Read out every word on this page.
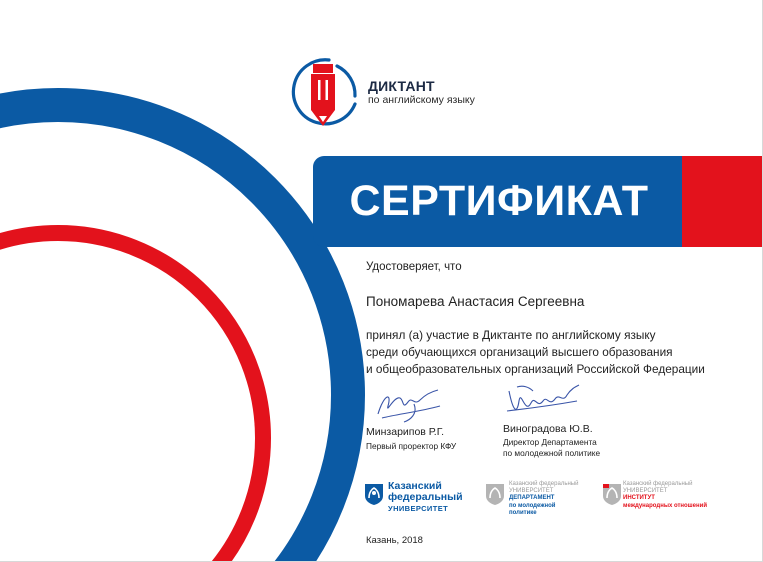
ДИКТАНТ
по английскому языку
СЕРТИФИКАТ
Удостоверяет, что
Пономарева Анастасия Сергеевна
принял (а) участие в Диктанте по английскому языку
среди обучающихся организаций высшего образования
и общеобразовательных организаций Российской Федерации
Минзарипов Р.Г.
Первый проректор КФУ
Виноградова Ю.В.
Директор Департамента
по молодежной политике
Казанский
федеральный
УНИВЕРСИТЕТ
Казанский федеральный
УНИВЕРСИТЕТ
ДЕПАРТАМЕНТ
по молодежной
политике
Казанский федеральный
УНИВЕРСИТЕТ
ИНСТИТУТ
международных отношений
Казань, 2018
